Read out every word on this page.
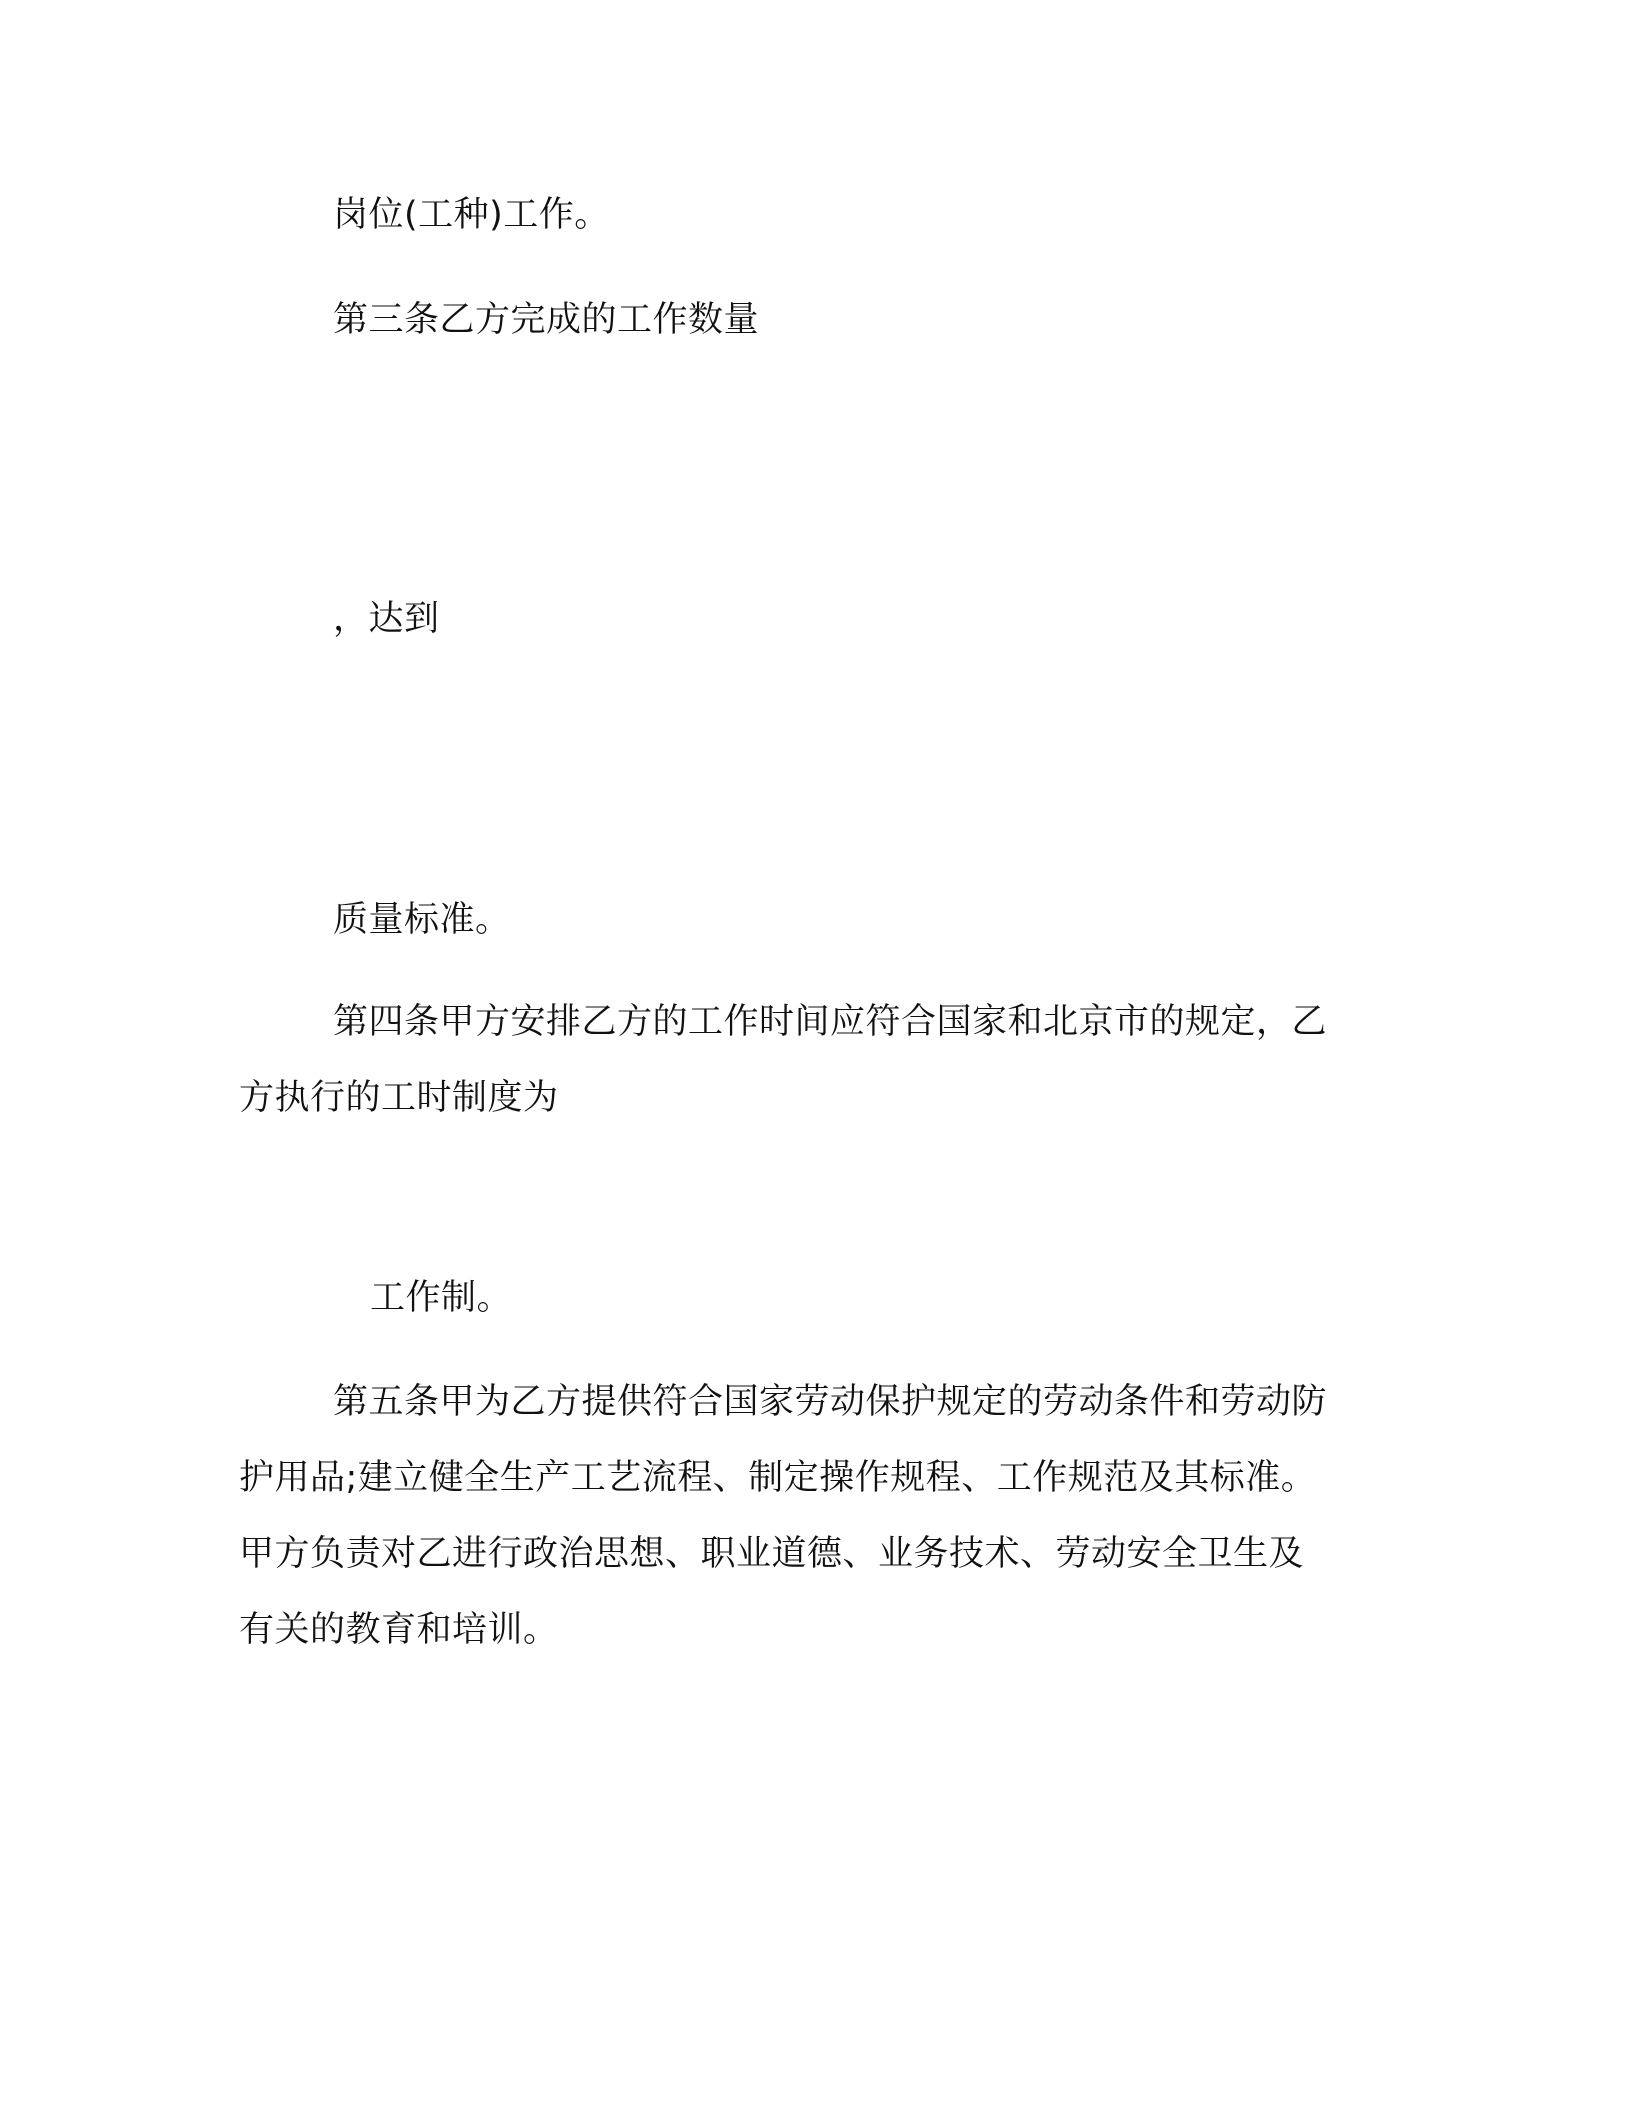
岗位(工种)工作。
第三条乙方完成的工作数量
，达到
质量标准。
第四条甲方安排乙方的工作时间应符合国家和北京市的规定，乙
方执行的工时制度为
工作制。
第五条甲为乙方提供符合国家劳动保护规定的劳动条件和劳动防
护用品;建立健全生产工艺流程、制定操作规程、工作规范及其标准。
甲方负责对乙进行政治思想、职业道德、业务技术、劳动安全卫生及
有关的教育和培训。
